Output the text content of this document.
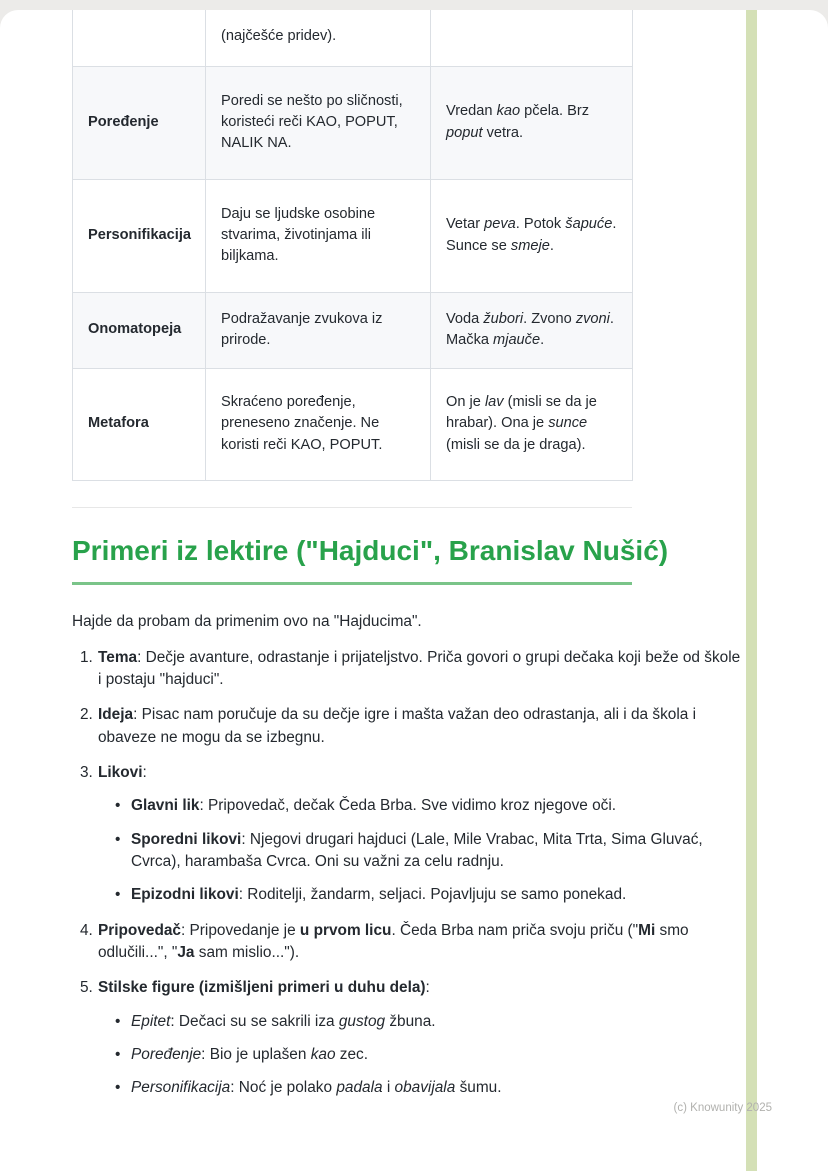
	(najčešće pridev).	
Poređenje	Poredi se nešto po sličnosti, koristeći reči KAO, POPUT, NALIK NA.	Vredan kao pčela. Brz poput vetra.
Personifikacija	Daju se ljudske osobine stvarima, životinjama ili biljkama.	Vetar peva. Potok šapuće. Sunce se smeje.
Onomatopeja	Podražavanje zvukova iz prirode.	Voda žubori. Zvono zvoni. Mačka mjauče.
Metafora	Skraćeno poređenje, preneseno značenje. Ne koristi reči KAO, POPUT.	On je lav (misli se da je hrabar). Ona je sunce (misli se da je draga).
Primeri iz lektire ("Hajduci", Branislav Nušić)

Hajde da probam da primenim ovo na "Hajducima".

1. Tema: Dečje avanture, odrastanje i prijateljstvo. Priča govori o grupi dečaka koji beže od škole i postaju "hajduci".
2. Ideja: Pisac nam poručuje da su dečje igre i mašta važan deo odrastanja, ali i da škola i obaveze ne mogu da se izbegnu.
3. Likovi:
• Glavni lik: Pripovedač, dečak Čeda Brba. Sve vidimo kroz njegove oči.
• Sporedni likovi: Njegovi drugari hajduci (Lale, Mile Vrabac, Mita Trta, Sima Gluvać, Cvrca), harambaša Cvrca. Oni su važni za celu radnju.
• Epizodni likovi: Roditelji, žandarm, seljaci. Pojavljuju se samo ponekad.
4. Pripovedač: Pripovedanje je u prvom licu. Čeda Brba nam priča svoju priču ("Mi smo odlučili...", "Ja sam mislio...").
5. Stilske figure (izmišljeni primeri u duhu dela):
• Epitet: Dečaci su se sakrili iza gustog žbuna.
• Poređenje: Bio je uplašen kao zec.
• Personifikacija: Noć je polako padala i obavijala šumu.
(c) Knowunity 2025
